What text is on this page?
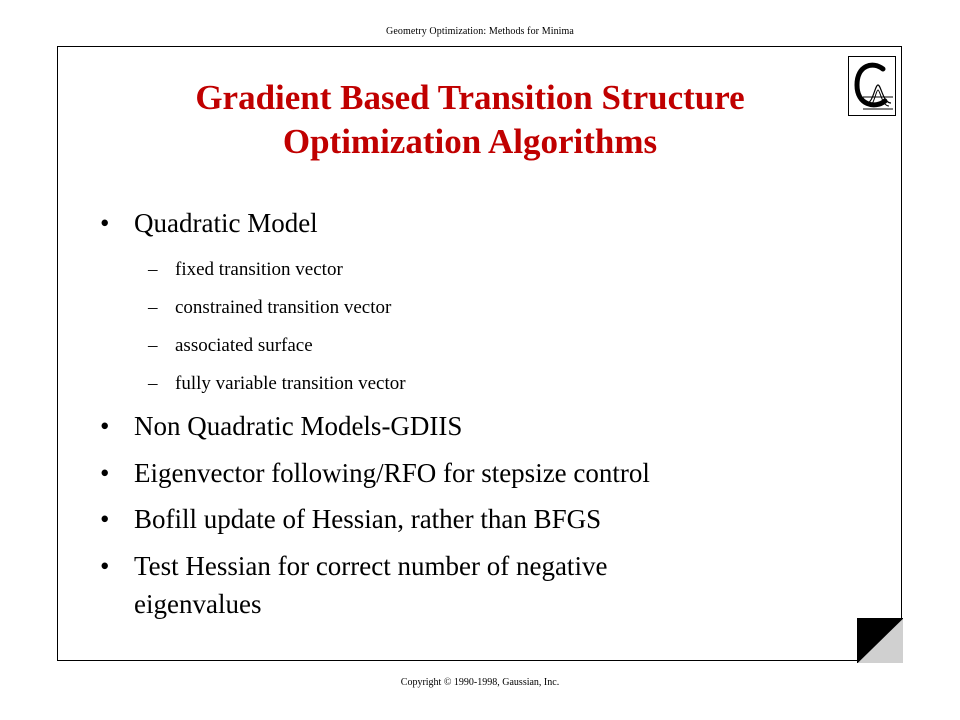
Geometry Optimization: Methods for Minima
Gradient Based Transition Structure
Optimization Algorithms
• Quadratic Model
– fixed transition vector
– constrained transition vector
– associated surface
– fully variable transition vector
• Non Quadratic Models-GDIIS
• Eigenvector following/RFO for stepsize control
• Bofill update of Hessian, rather than BFGS
• Test Hessian for correct number of negative
eigenvalues
Copyright © 1990-1998, Gaussian, Inc.
